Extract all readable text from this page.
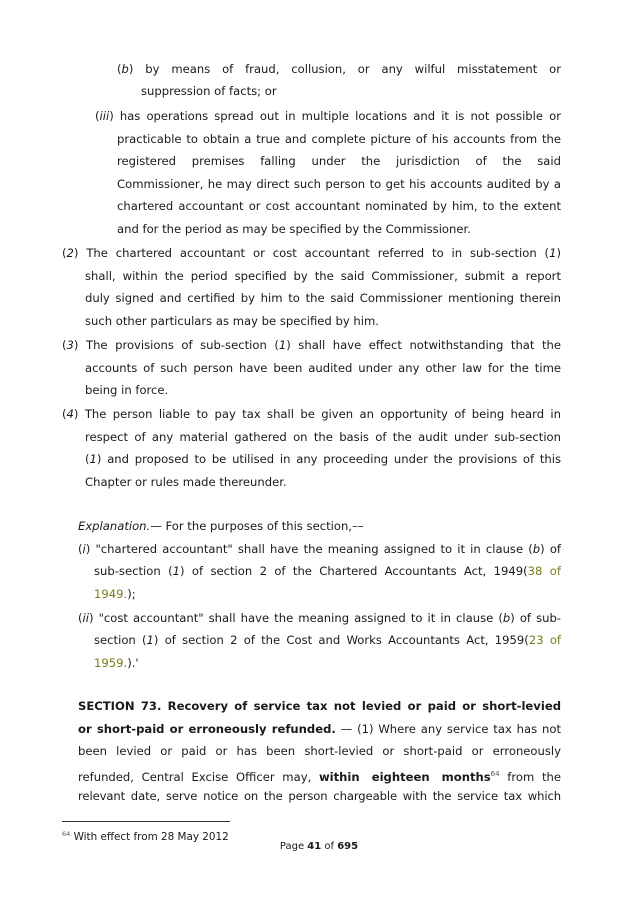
(b) by means of fraud, collusion, or any wilful misstatement or
suppression of facts; or
(iii) has operations spread out in multiple locations and it is not possible or
practicable to obtain a true and complete picture of his accounts from the
registered premises falling under the jurisdiction of the said
Commissioner, he may direct such person to get his accounts audited by a
chartered accountant or cost accountant nominated by him, to the extent
and for the period as may be specified by the Commissioner.
(2) The chartered accountant or cost accountant referred to in sub-section (1)
shall, within the period specified by the said Commissioner, submit a report
duly signed and certified by him to the said Commissioner mentioning therein
such other particulars as may be specified by him.
(3) The provisions of sub-section (1) shall have effect notwithstanding that the
accounts of such person have been audited under any other law for the time
being in force.
(4) The person liable to pay tax shall be given an opportunity of being heard in
respect of any material gathered on the basis of the audit under sub-section
(1) and proposed to be utilised in any proceeding under the provisions of this
Chapter or rules made thereunder.
Explanation.— For the purposes of this section,––
(i) "chartered accountant" shall have the meaning assigned to it in clause (b) of
sub-section (1) of section 2 of the Chartered Accountants Act, 1949(38 of
1949.);
(ii) "cost accountant" shall have the meaning assigned to it in clause (b) of sub-
section (1) of section 2 of the Cost and Works Accountants Act, 1959(23 of
1959.).'
SECTION 73. Recovery of service tax not levied or paid or short-levied
or short-paid or erroneously refunded. — (1) Where any service tax has not
been levied or paid or has been short-levied or short-paid or erroneously
refunded, Central Excise Officer may, within eighteen months$^{64}$ from the
relevant date, serve notice on the person chargeable with the service tax which
$^{64}$ With effect from 28 May 2012
Page 41 of 695
